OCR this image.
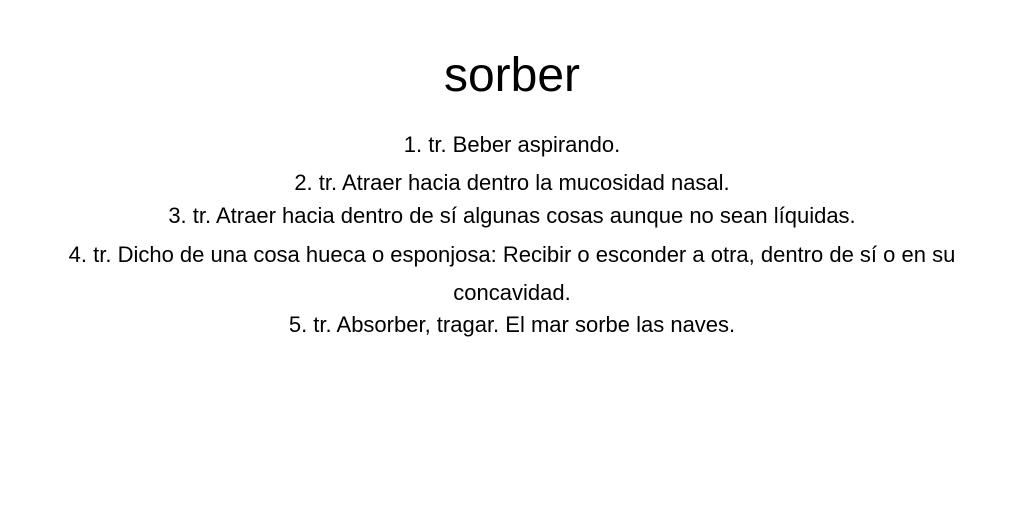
sorber

1. tr. Beber aspirando.

2. tr. Atraer hacia dentro la mucosidad nasal.

3. tr. Atraer hacia dentro de sí algunas cosas aunque no sean líquidas.

4. tr. Dicho de una cosa hueca o esponjosa: Recibir o esconder a otra, dentro de sí o en su concavidad.

5. tr. Absorber, tragar. El mar sorbe las naves.
